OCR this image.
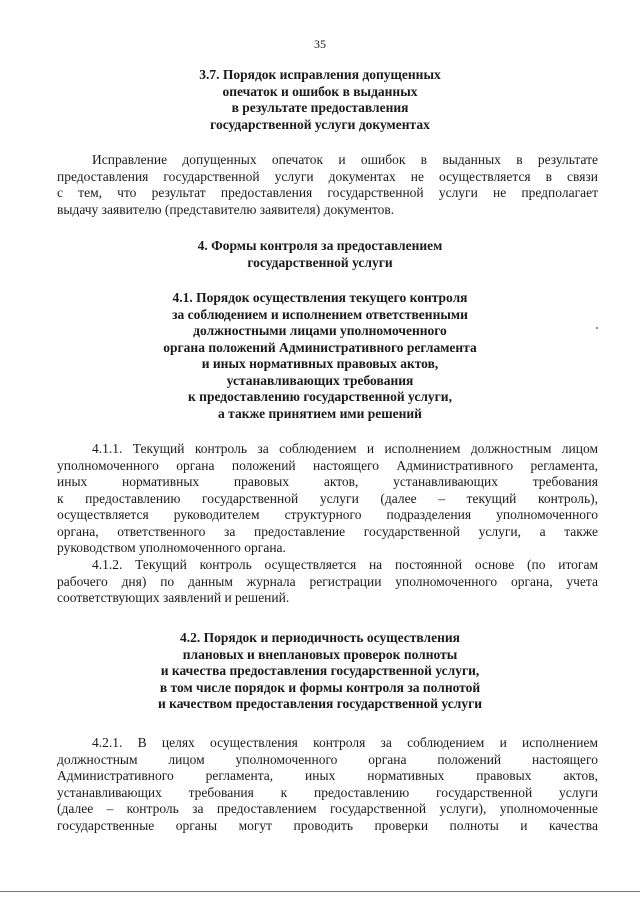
35
3.7. Порядок исправления допущенных
опечаток и ошибок в выданных
в результате предоставления
государственной услуги документах
Исправление допущенных опечаток и ошибок в выданных в результате
предоставления государственной услуги документах не осуществляется в связи
с тем, что результат предоставления государственной услуги не предполагает
выдачу заявителю (представителю заявителя) документов.
4. Формы контроля за предоставлением
государственной услуги
4.1. Порядок осуществления текущего контроля
за соблюдением и исполнением ответственными
должностными лицами уполномоченного
органа положений Административного регламента
и иных нормативных правовых актов,
устанавливающих требования
к предоставлению государственной услуги,
а также принятием ими решений
4.1.1. Текущий контроль за соблюдением и исполнением должностным лицом
уполномоченного органа положений настоящего Административного регламента,
иных нормативных правовых актов, устанавливающих требования
к предоставлению государственной услуги (далее – текущий контроль),
осуществляется руководителем структурного подразделения уполномоченного
органа, ответственного за предоставление государственной услуги, а также
руководством уполномоченного органа.
4.1.2. Текущий контроль осуществляется на постоянной основе (по итогам
рабочего дня) по данным журнала регистрации уполномоченного органа, учета
соответствующих заявлений и решений.
4.2. Порядок и периодичность осуществления
плановых и внеплановых проверок полноты
и качества предоставления государственной услуги,
в том числе порядок и формы контроля за полнотой
и качеством предоставления государственной услуги
4.2.1. В целях осуществления контроля за соблюдением и исполнением
должностным лицом уполномоченного органа положений настоящего
Административного регламента, иных нормативных правовых актов,
устанавливающих требования к предоставлению государственной услуги
(далее – контроль за предоставлением государственной услуги), уполномоченные
государственные органы могут проводить проверки полноты и качества
